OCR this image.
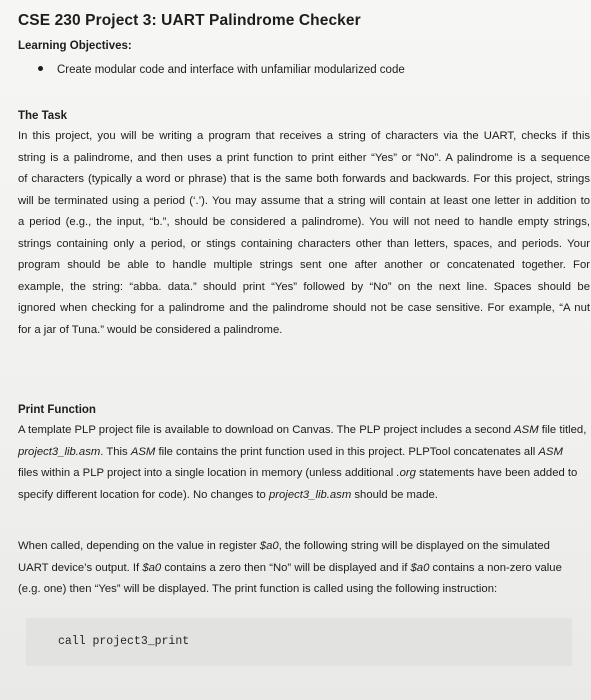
CSE 230 Project 3: UART Palindrome Checker
Learning Objectives:
Create modular code and interface with unfamiliar modularized code
The Task
In this project, you will be writing a program that receives a string of characters via the UART, checks if this
string is a palindrome, and then uses a print function to print either “Yes” or “No”. A palindrome is a sequence
of characters (typically a word or phrase) that is the same both forwards and backwards. For this project, strings
will be terminated using a period (‘.’). You may assume that a string will contain at least one letter in addition to
a period (e.g., the input, “b.”, should be considered a palindrome). You will not need to handle empty strings,
strings containing only a period, or stings containing characters other than letters, spaces, and periods. Your
program should be able to handle multiple strings sent one after another or concatenated together. For
example, the string: “abba. data.” should print “Yes” followed by “No” on the next line. Spaces should be
ignored when checking for a palindrome and the palindrome should not be case sensitive. For example, “A nut
for a jar of Tuna.” would be considered a palindrome.
Print Function
A template PLP project file is available to download on Canvas. The PLP project includes a second ASM file titled,
project3_lib.asm. This ASM file contains the print function used in this project. PLPTool concatenates all ASM
files within a PLP project into a single location in memory (unless additional .org statements have been added to
specify different location for code). No changes to project3_lib.asm should be made.
When called, depending on the value in register $a0, the following string will be displayed on the simulated
UART device’s output. If $a0 contains a zero then “No” will be displayed and if $a0 contains a non-zero value
(e.g. one) then “Yes” will be displayed. The print function is called using the following instruction:
call project3_print
